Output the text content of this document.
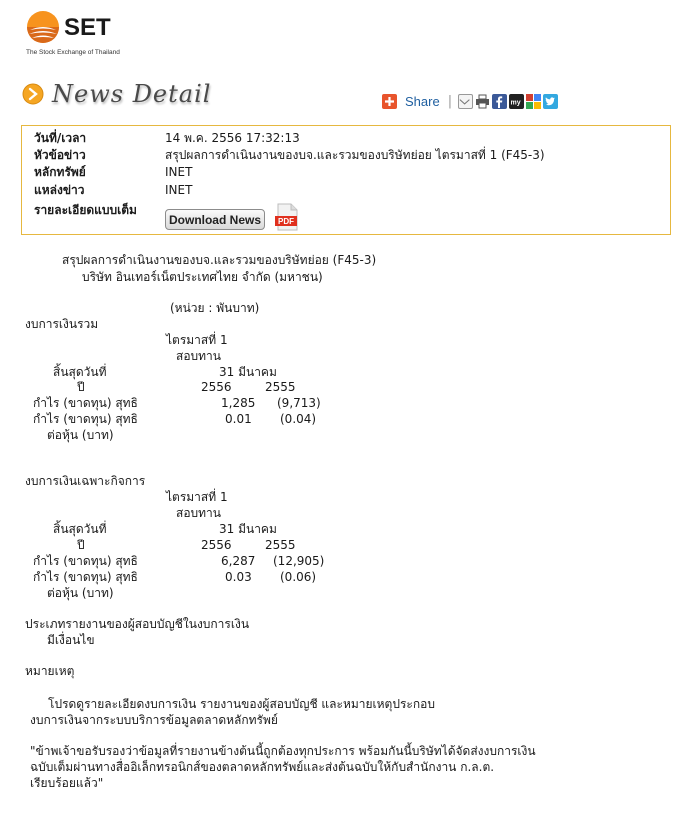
SET
The Stock Exchange of Thailand
News Detail	Share |	my
วันที่/เวลา	14 พ.ค. 2556 17:32:13
หัวข้อข่าว	สรุปผลการดำเนินงานของบจ.และรวมของบริษัทย่อย ไตรมาสที่ 1 (F45-3)
หลักทรัพย์	INET
แหล่งข่าว	INET
รายละเอียดแบบเต็ม
Download News	PDF
สรุปผลการดำเนินงานของบจ.และรวมของบริษัทย่อย (F45-3)
บริษัท อินเทอร์เน็ตประเทศไทย จำกัด (มหาชน)
(หน่วย : พันบาท)
งบการเงินรวม
ไตรมาสที่ 1
สอบทาน
สิ้นสุดวันที่	31 มีนาคม
ปี	2556	2555
กำไร (ขาดทุน) สุทธิ	1,285 (9,713)
กำไร (ขาดทุน) สุทธิ	0.01 (0.04)
ต่อหุ้น (บาท)
งบการเงินเฉพาะกิจการ
ไตรมาสที่ 1
สอบทาน
สิ้นสุดวันที่	31 มีนาคม
ปี	2556	2555
กำไร (ขาดทุน) สุทธิ	6,287 (12,905)
กำไร (ขาดทุน) สุทธิ	0.03 (0.06)
ต่อหุ้น (บาท)
ประเภทรายงานของผู้สอบบัญชีในงบการเงิน
มีเงื่อนไข
หมายเหตุ
โปรดดูรายละเอียดงบการเงิน รายงานของผู้สอบบัญชี และหมายเหตุประกอบ
งบการเงินจากระบบบริการข้อมูลตลาดหลักทรัพย์
"ข้าพเจ้าขอรับรองว่าข้อมูลที่รายงานข้างต้นนี้ถูกต้องทุกประการ พร้อมกันนี้บริษัทได้จัดส่งงบการเงิน
ฉบับเต็มผ่านทางสื่ออิเล็กทรอนิกส์ของตลาดหลักทรัพย์และส่งต้นฉบับให้กับสำนักงาน ก.ล.ต.
เรียบร้อยแล้ว"
